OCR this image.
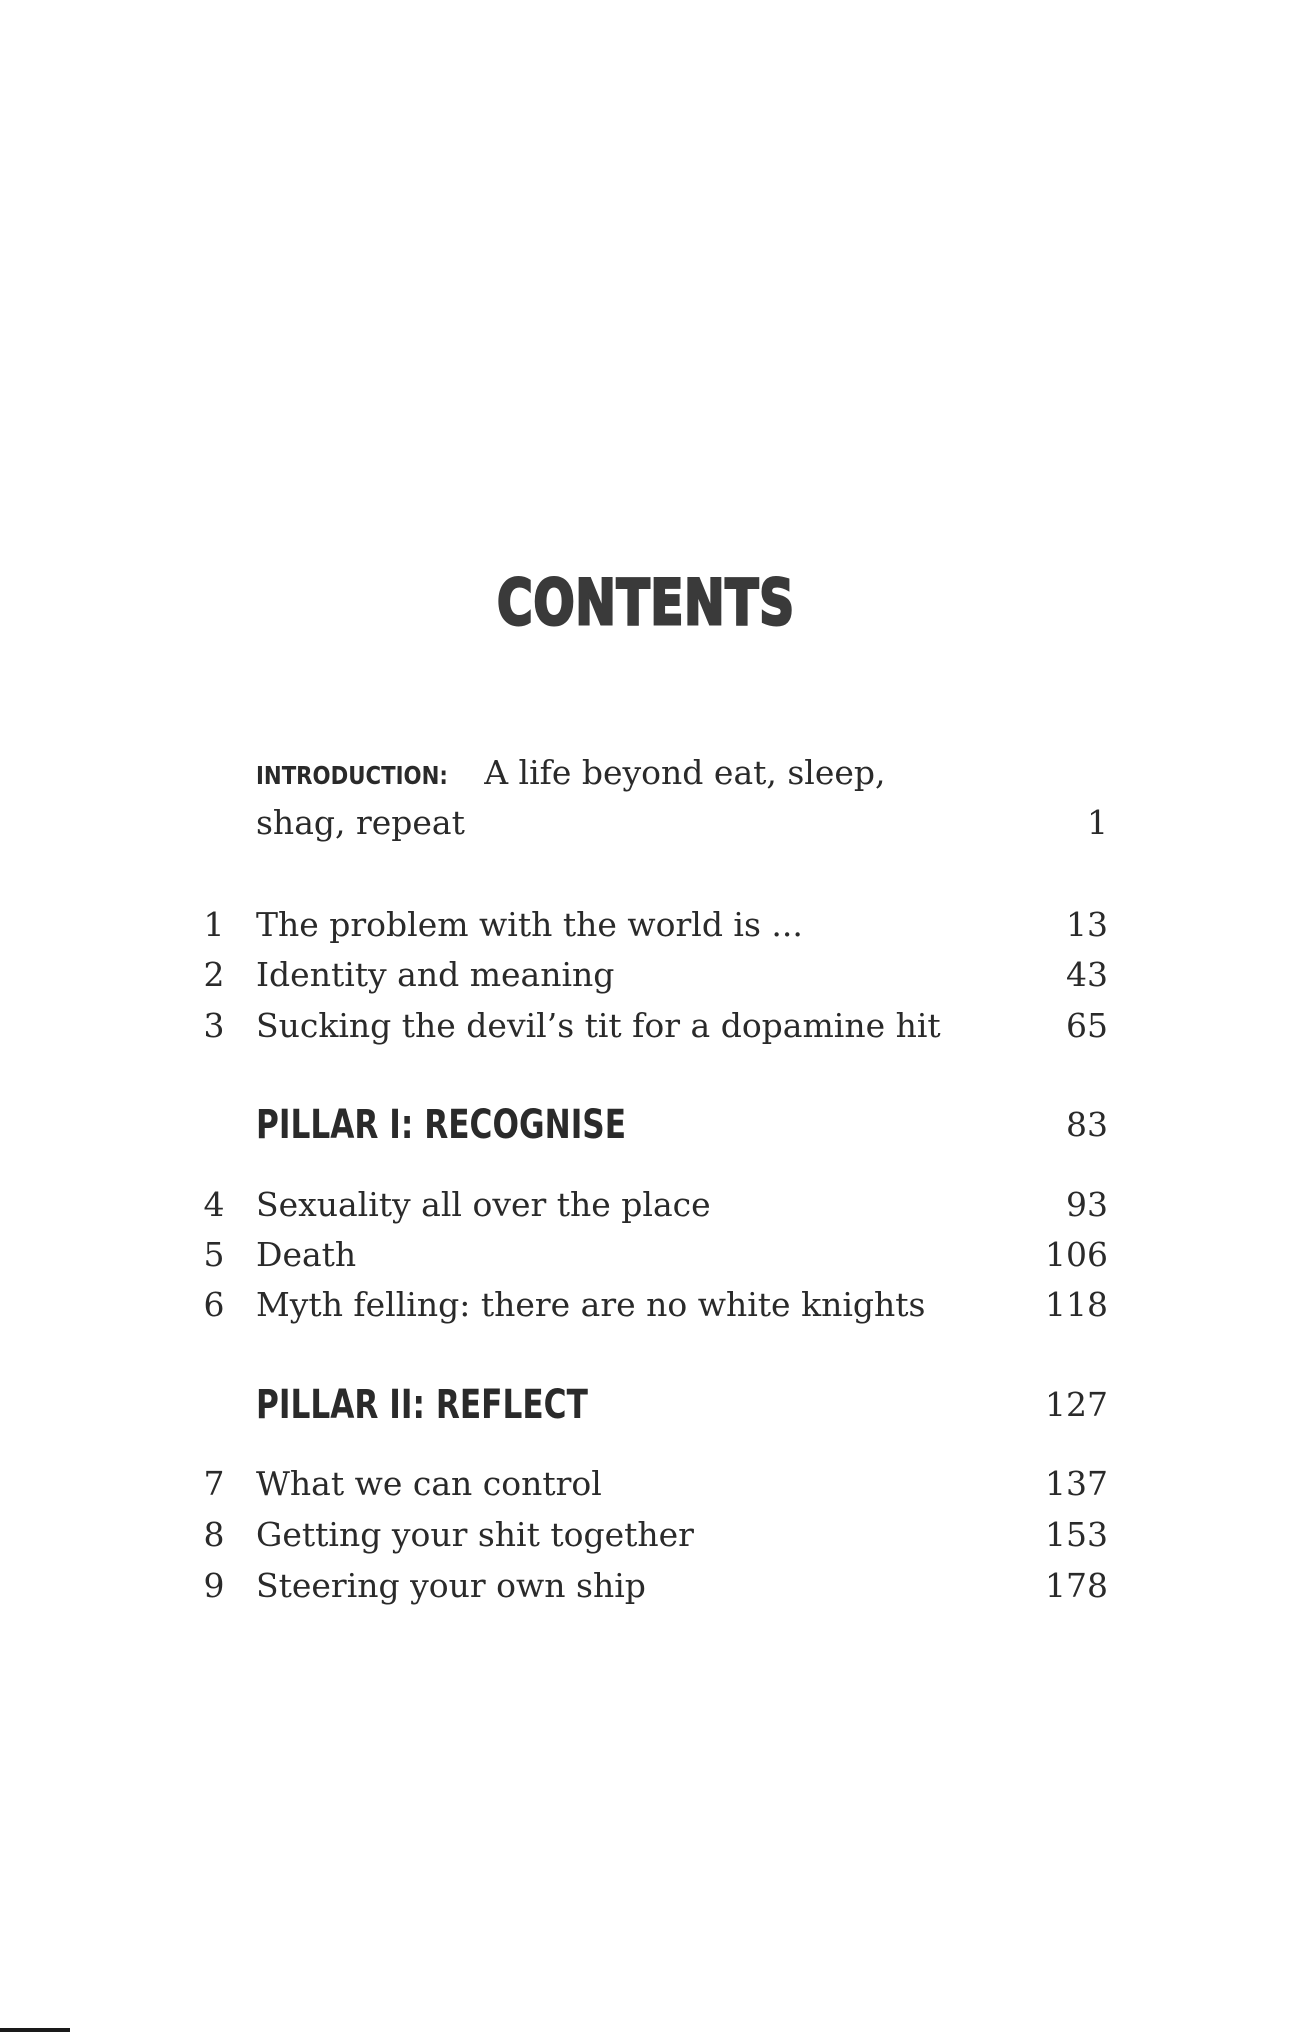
CONTENTS
INTRODUCTION: A life beyond eat, sleep,
shag, repeat	1
1 The problem with the world is ...	13
2 Identity and meaning	43
3 Sucking the devil’s tit for a dopamine hit	65
PILLAR I: RECOGNISE	83
4 Sexuality all over the place	93
5 Death	106
6 Myth felling: there are no white knights	118
PILLAR II: REFLECT	127
7 What we can control	137
8 Getting your shit together	153
9 Steering your own ship	178
